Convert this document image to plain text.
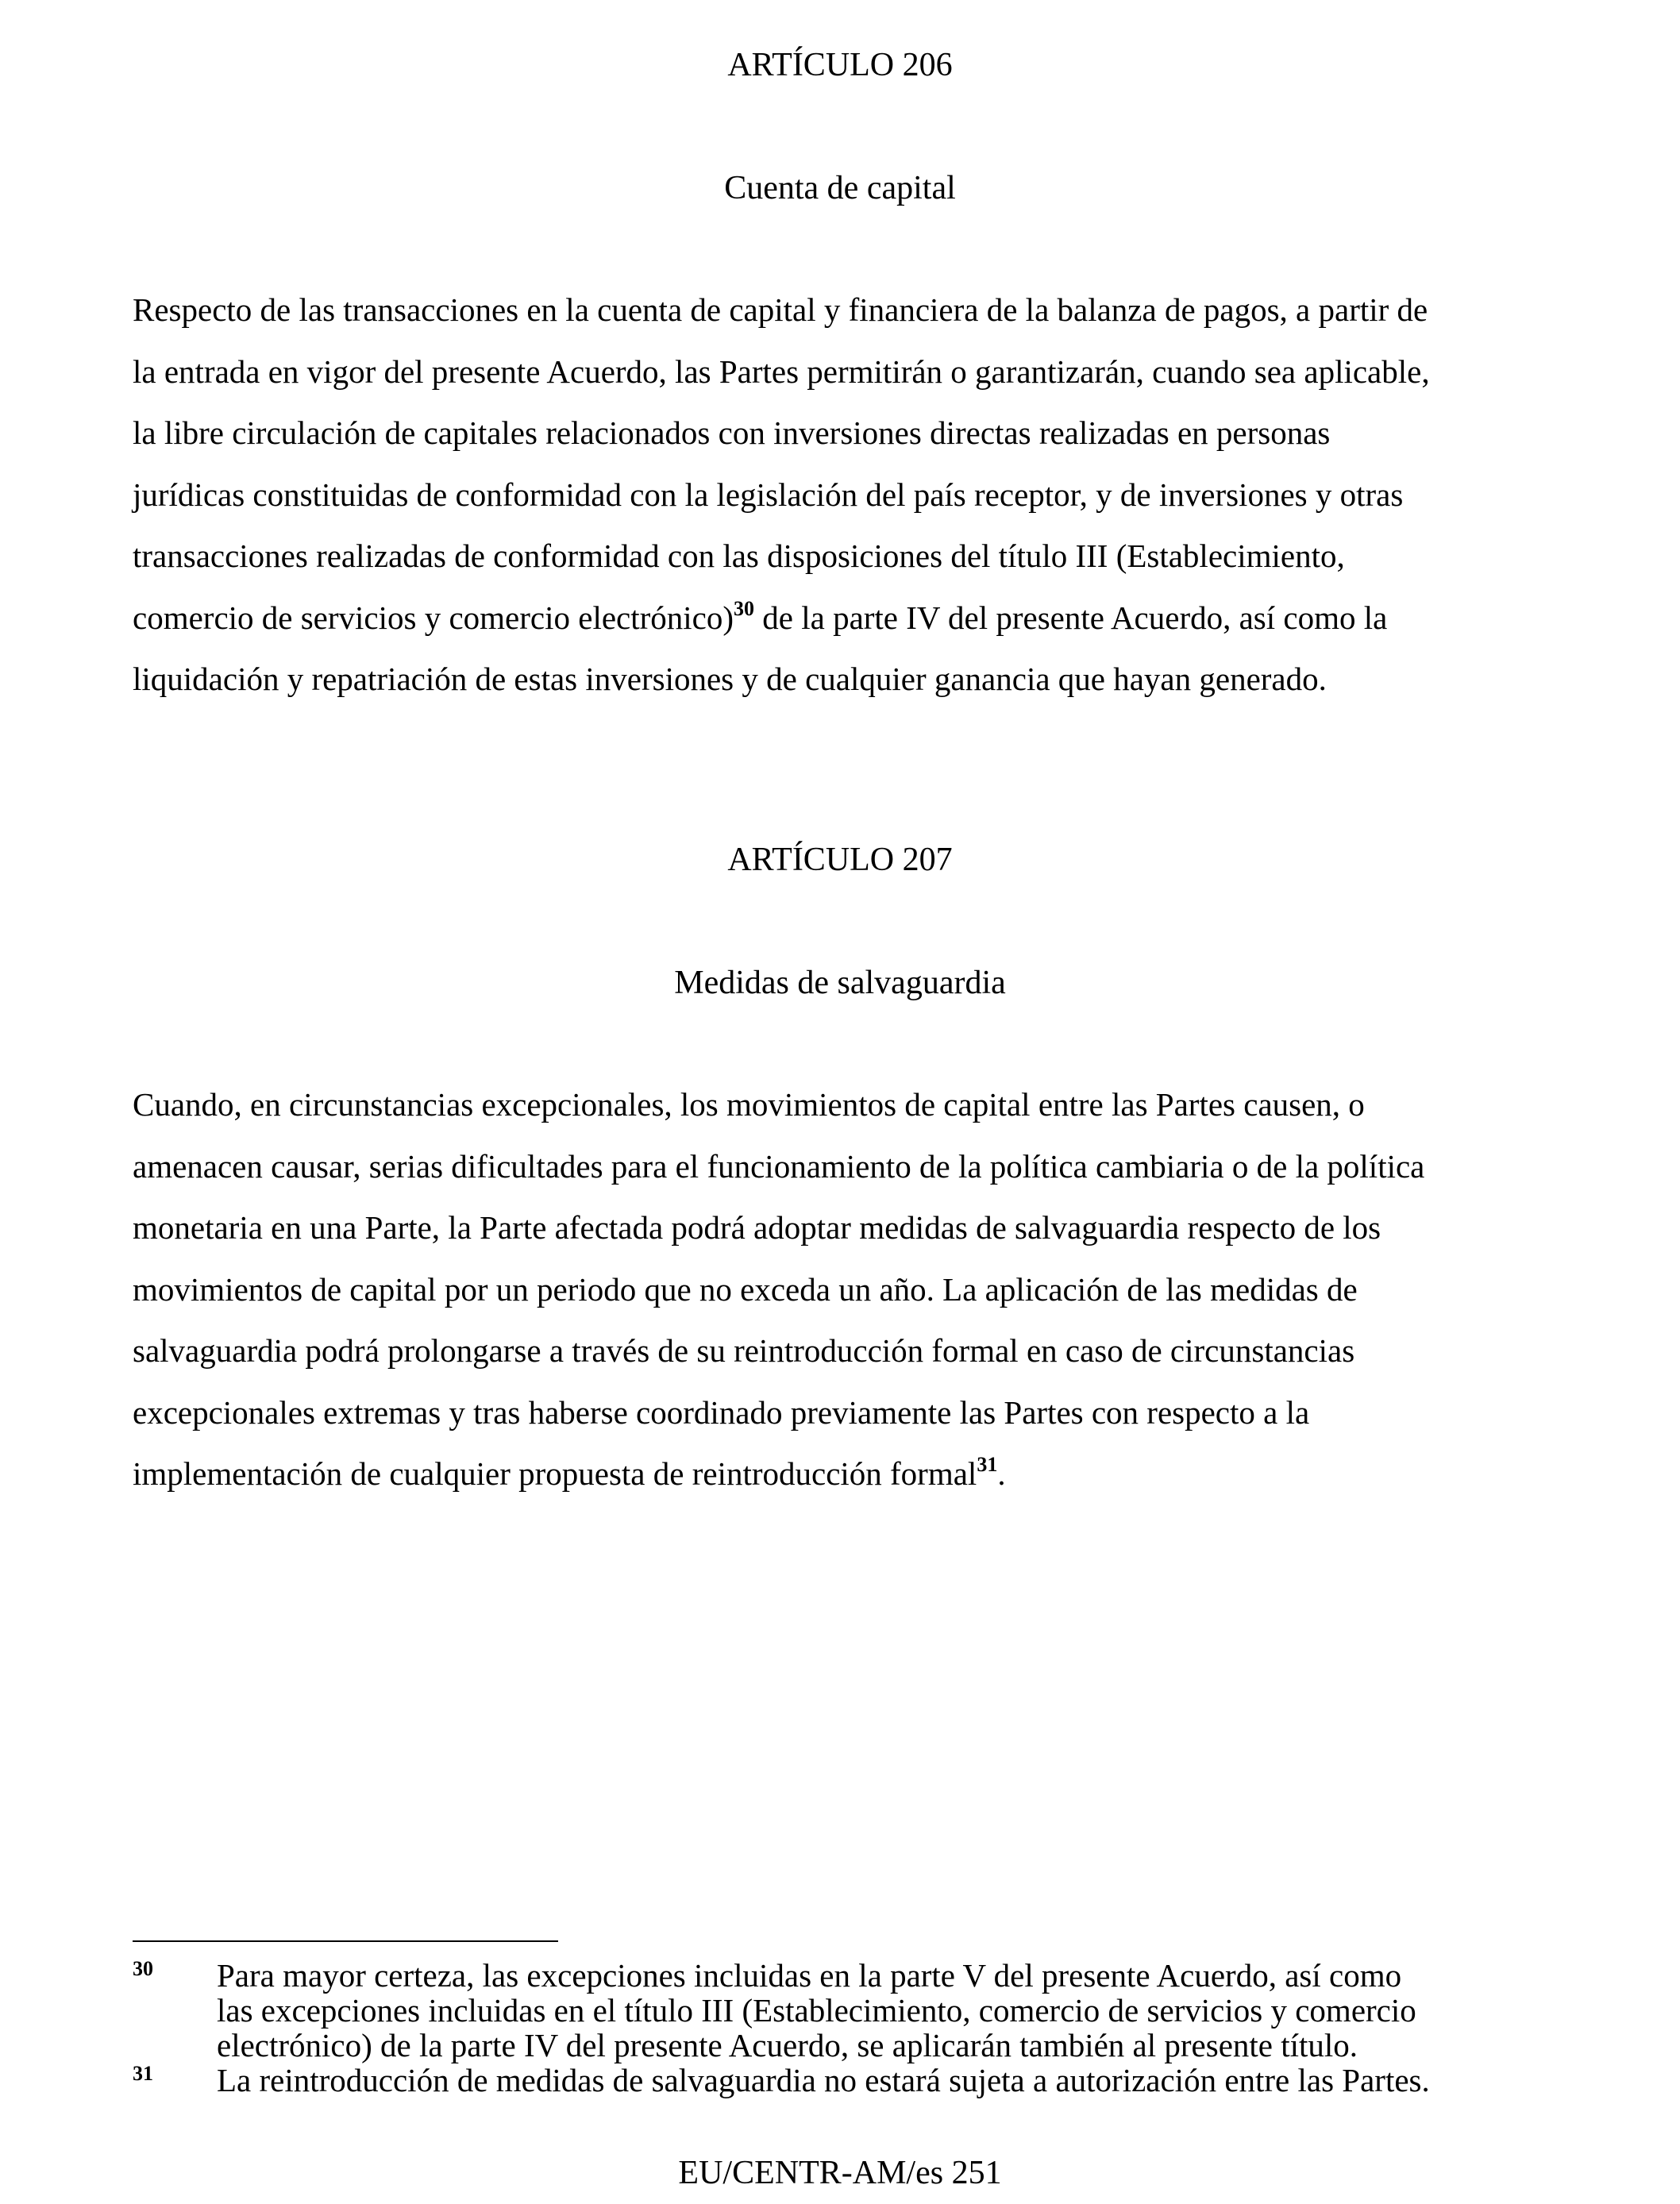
ARTÍCULO 206
Cuenta de capital

Respecto de las transacciones en la cuenta de capital y financiera de la balanza de pagos, a partir de
la entrada en vigor del presente Acuerdo, las Partes permitirán o garantizarán, cuando sea aplicable,
la libre circulación de capitales relacionados con inversiones directas realizadas en personas
jurídicas constituidas de conformidad con la legislación del país receptor, y de inversiones y otras
transacciones realizadas de conformidad con las disposiciones del título III (Establecimiento,
comercio de servicios y comercio electrónico)$^{30}$ de la parte IV del presente Acuerdo, así como la
liquidación y repatriación de estas inversiones y de cualquier ganancia que hayan generado.

ARTÍCULO 207
Medidas de salvaguardia

Cuando, en circunstancias excepcionales, los movimientos de capital entre las Partes causen, o
amenacen causar, serias dificultades para el funcionamiento de la política cambiaria o de la política
monetaria en una Parte, la Parte afectada podrá adoptar medidas de salvaguardia respecto de los
movimientos de capital por un periodo que no exceda un año. La aplicación de las medidas de
salvaguardia podrá prolongarse a través de su reintroducción formal en caso de circunstancias
excepcionales extremas y tras haberse coordinado previamente las Partes con respecto a la
implementación de cualquier propuesta de reintroducción formal$^{31}$.

30 Para mayor certeza, las excepciones incluidas en la parte V del presente Acuerdo, así como
las excepciones incluidas en el título III (Establecimiento, comercio de servicios y comercio
electrónico) de la parte IV del presente Acuerdo, se aplicarán también al presente título.
31 La reintroducción de medidas de salvaguardia no estará sujeta a autorización entre las Partes.
EU/CENTR-AM/es 251
